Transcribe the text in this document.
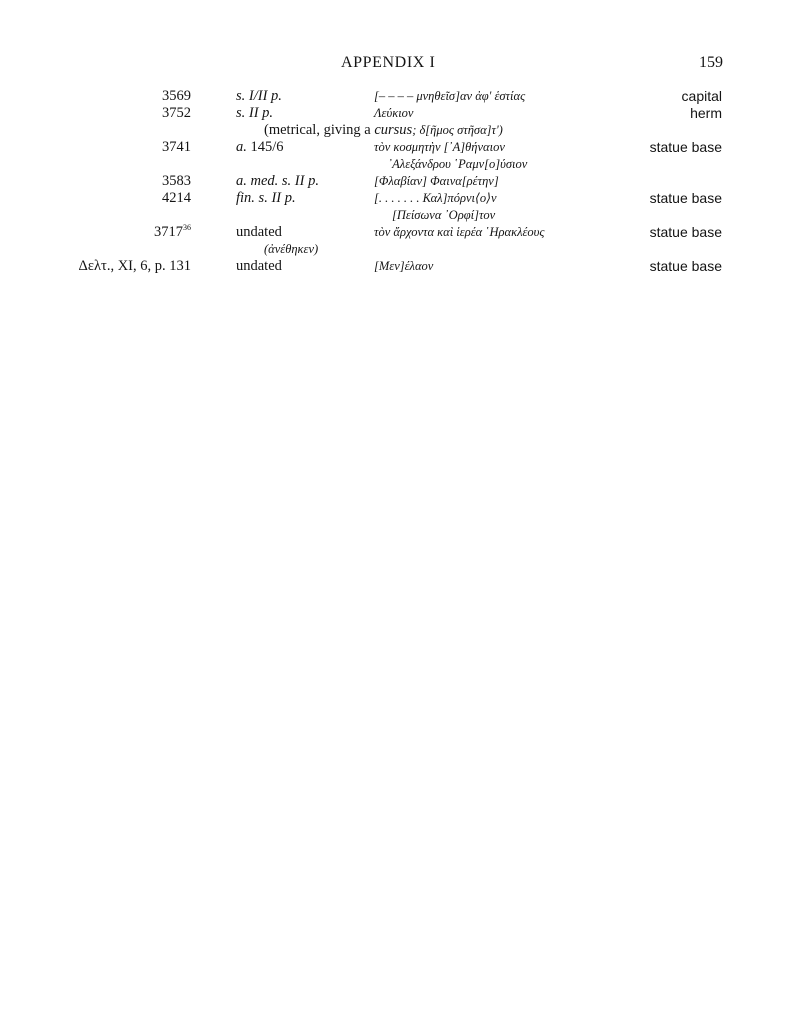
APPENDIX I	159
3569	s. I/II p.	[– – – – μνηθεῖσ]αν ἀφ' ἑστίας	capital
3752	s. II p.	Λεύκιον	herm
(metrical, giving a cursus; δ[ῆμος στῆσα]τ')
3741	a. 145/6	τὸν κοσμητὴν [᾿Α]θήναιον	statue base
᾿Αλεξάνδρου ῾Ραμν[ο]ύσιον
3583	a. med. s. II p.	[Φλαβίαν] Φαινα[ρέτην]
4214	fin. s. II p.	[. . . . . . . Καλ]πόρνι⟨ο⟩ν	statue base
[Πείσωνα ᾿Ορφί]τον
3717$^{36}$	undated	τὸν ἄρχοντα καὶ ἱερέα ῾Ηρακλέους	statue base
(ἀνέθηκεν)
Δελτ., XI, 6, p. 131	undated	[Μεν]έλαον	statue base
